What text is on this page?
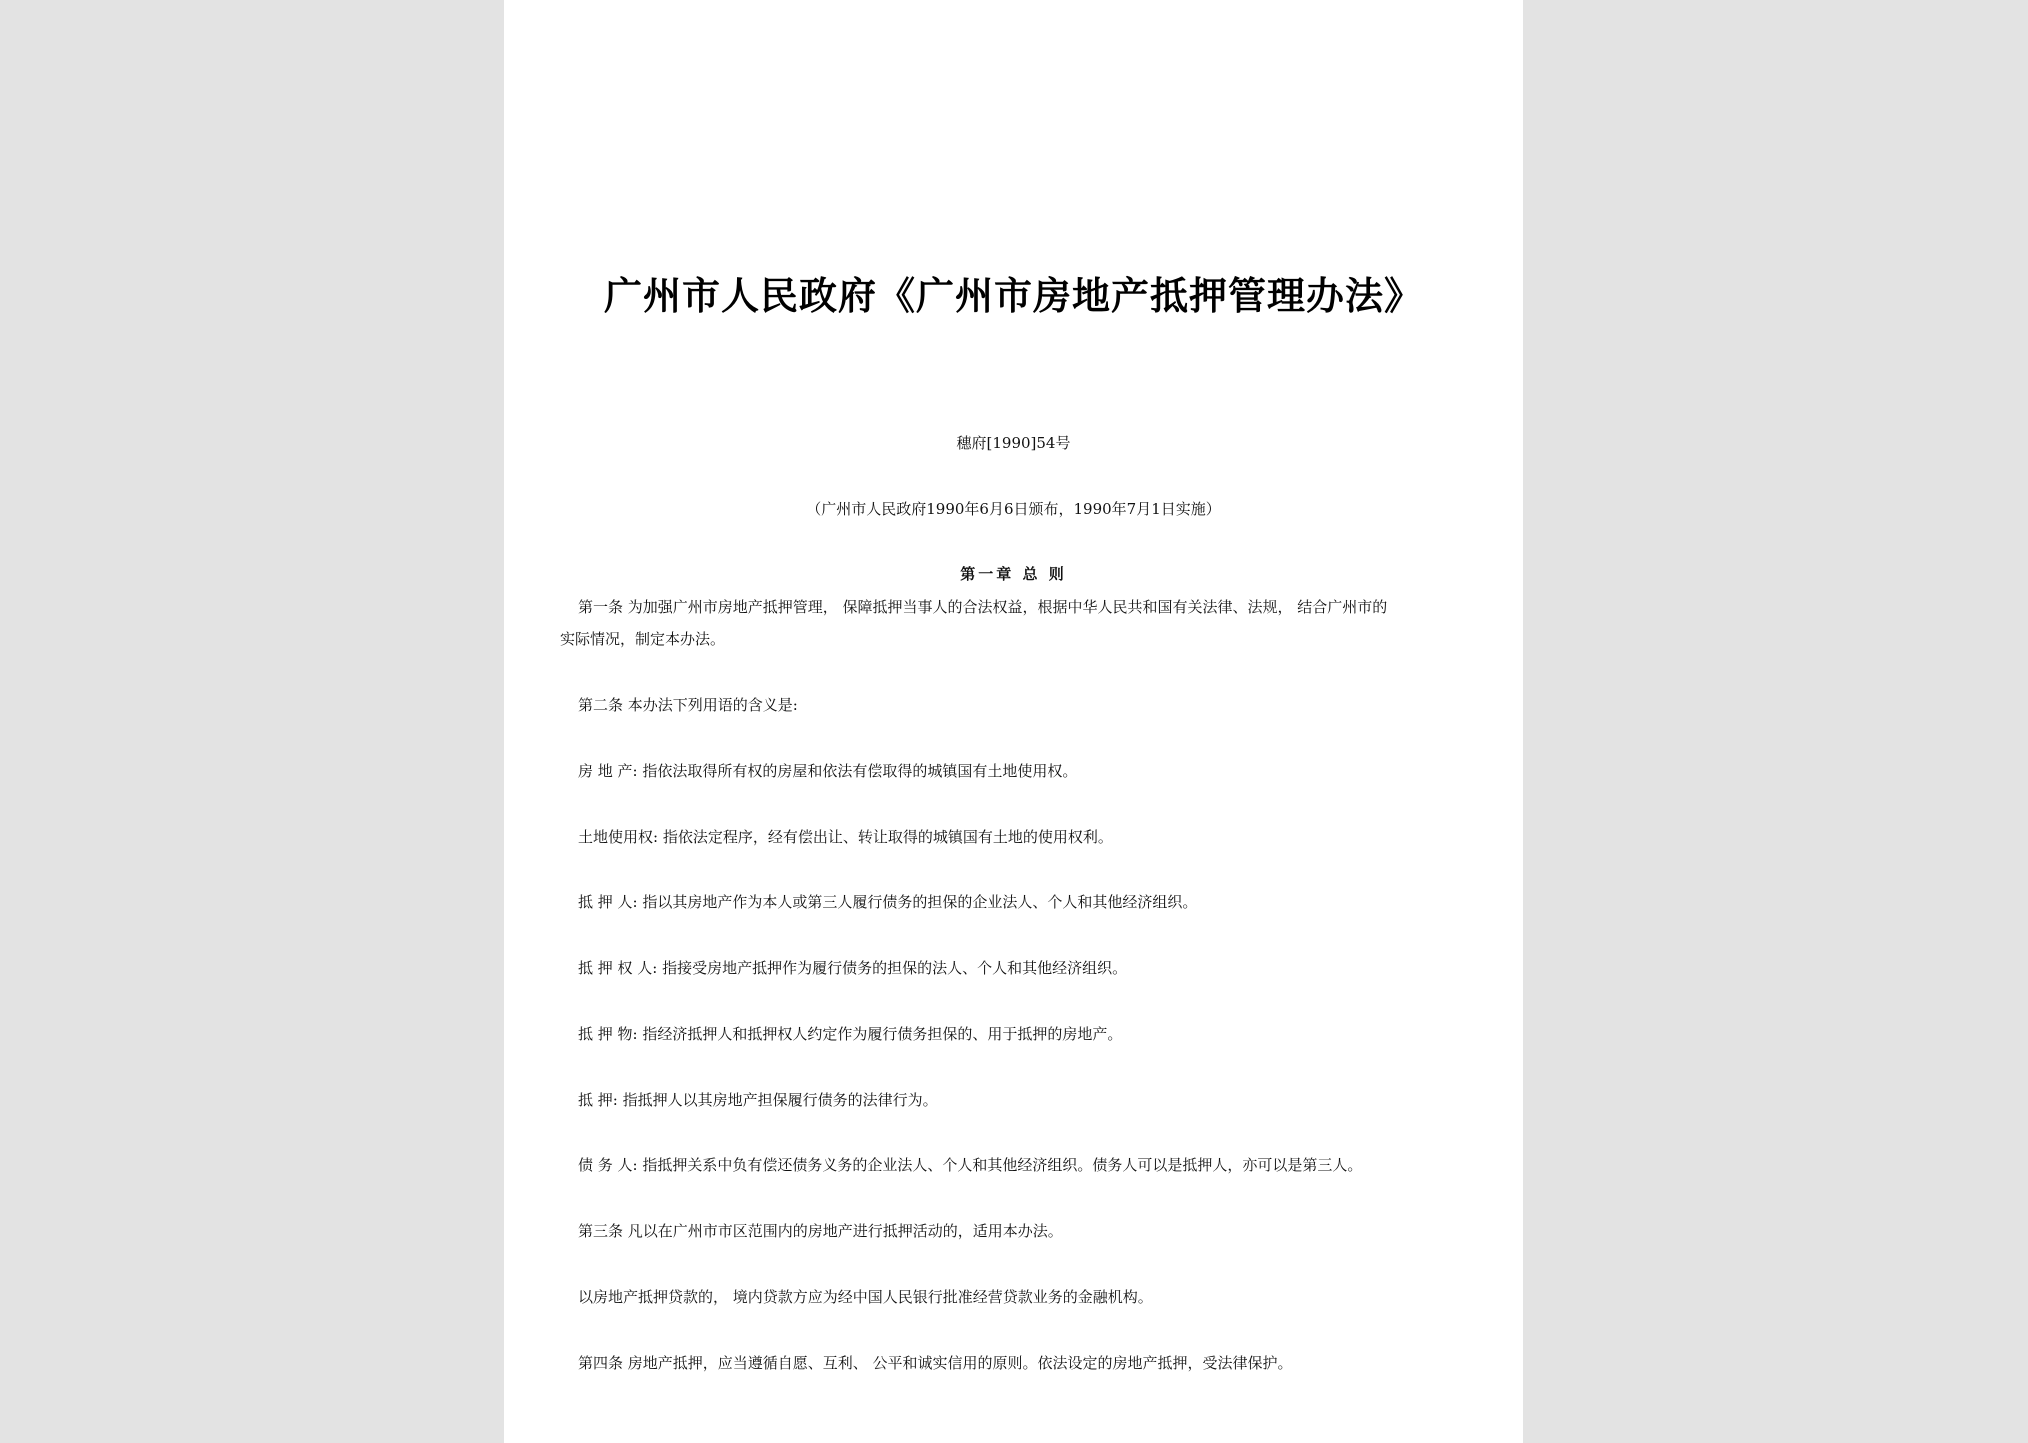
广州市人民政府《广州市房地产抵押管理办法》
穗府[1990]54号
（广州市人民政府1990年6月6日颁布，1990年7月1日实施）
第一章 总 则
第一条 为加强广州市房地产抵押管理， 保障抵押当事人的合法权益，根据中华人民共和国有关法律、法规， 结合广州市的
实际情况，制定本办法。
第二条 本办法下列用语的含义是:
房 地 产: 指依法取得所有权的房屋和依法有偿取得的城镇国有土地使用权。
土地使用权: 指依法定程序，经有偿出让、转让取得的城镇国有土地的使用权利。
抵 押 人: 指以其房地产作为本人或第三人履行债务的担保的企业法人、个人和其他经济组织。
抵 押 权 人: 指接受房地产抵押作为履行债务的担保的法人、个人和其他经济组织。
抵 押 物: 指经济抵押人和抵押权人约定作为履行债务担保的、用于抵押的房地产。
抵 押: 指抵押人以其房地产担保履行债务的法律行为。
债 务 人: 指抵押关系中负有偿还债务义务的企业法人、个人和其他经济组织。债务人可以是抵押人，亦可以是第三人。
第三条 凡以在广州市市区范围内的房地产进行抵押活动的，适用本办法。
以房地产抵押贷款的， 境内贷款方应为经中国人民银行批准经营贷款业务的金融机构。
第四条 房地产抵押，应当遵循自愿、互利、 公平和诚实信用的原则。依法设定的房地产抵押，受法律保护。
